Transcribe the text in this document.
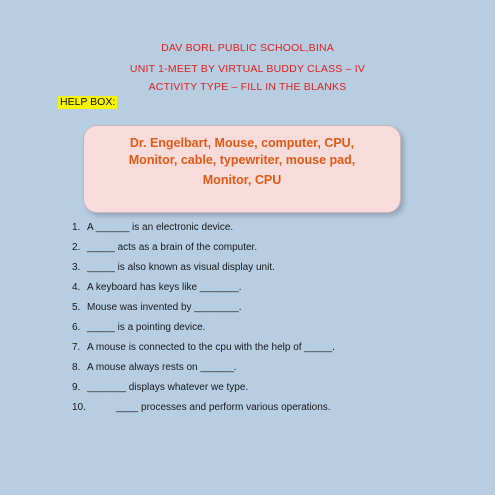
DAV BORL PUBLIC SCHOOL,BINA
UNIT 1-MEET BY VIRTUAL BUDDY CLASS – IV
ACTIVITY TYPE – FILL IN THE BLANKS
HELP BOX:
Dr. Engelbart, Mouse, computer, CPU,
Monitor, cable, typewriter, mouse pad,
Monitor, CPU
1. A ______ is an electronic device.
2. _____ acts as a brain of the computer.
3. _____ is also known as visual display unit.
4. A keyboard has keys like _______.
5. Mouse was invented by ________.
6. _____ is a pointing device.
7. A mouse is connected to the cpu with the help of _____.
8. A mouse always rests on ______.
9. _______ displays whatever we type.
10.	____ processes and perform various operations.
